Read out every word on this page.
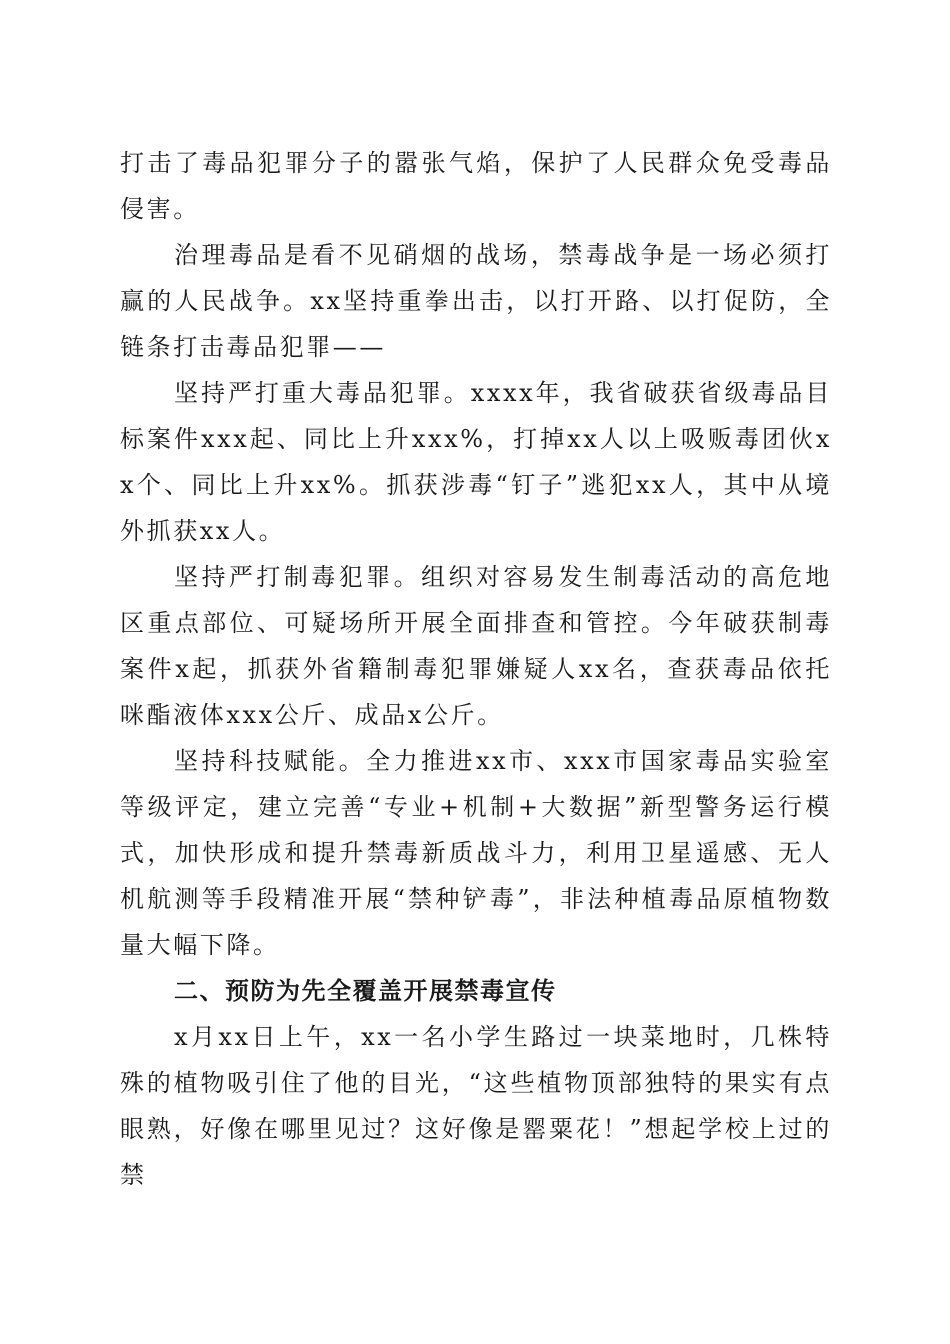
打击了毒品犯罪分子的嚣张气焰，保护了人民群众免受毒品侵害。

治理毒品是看不见硝烟的战场，禁毒战争是一场必须打赢的人民战争。xx坚持重拳出击，以打开路、以打促防，全链条打击毒品犯罪——

坚持严打重大毒品犯罪。xxxx年，我省破获省级毒品目标案件xxx起、同比上升xxx%，打掉xx人以上吸贩毒团伙xx个、同比上升xx%。抓获涉毒“钉子”逃犯xx人，其中从境外抓获xx人。

坚持严打制毒犯罪。组织对容易发生制毒活动的高危地区重点部位、可疑场所开展全面排查和管控。今年破获制毒案件x起，抓获外省籍制毒犯罪嫌疑人xx名，查获毒品依托咪酯液体xxx公斤、成品x公斤。

坚持科技赋能。全力推进xx市、xxx市国家毒品实验室等级评定，建立完善“专业+机制+大数据”新型警务运行模式，加快形成和提升禁毒新质战斗力，利用卫星遥感、无人机航测等手段精准开展“禁种铲毒”，非法种植毒品原植物数量大幅下降。

二、预防为先全覆盖开展禁毒宣传

x月xx日上午，xx一名小学生路过一块菜地时，几株特殊的植物吸引住了他的目光，“这些植物顶部独特的果实有点眼熟，好像在哪里见过？这好像是罂粟花！”想起学校上过的禁
